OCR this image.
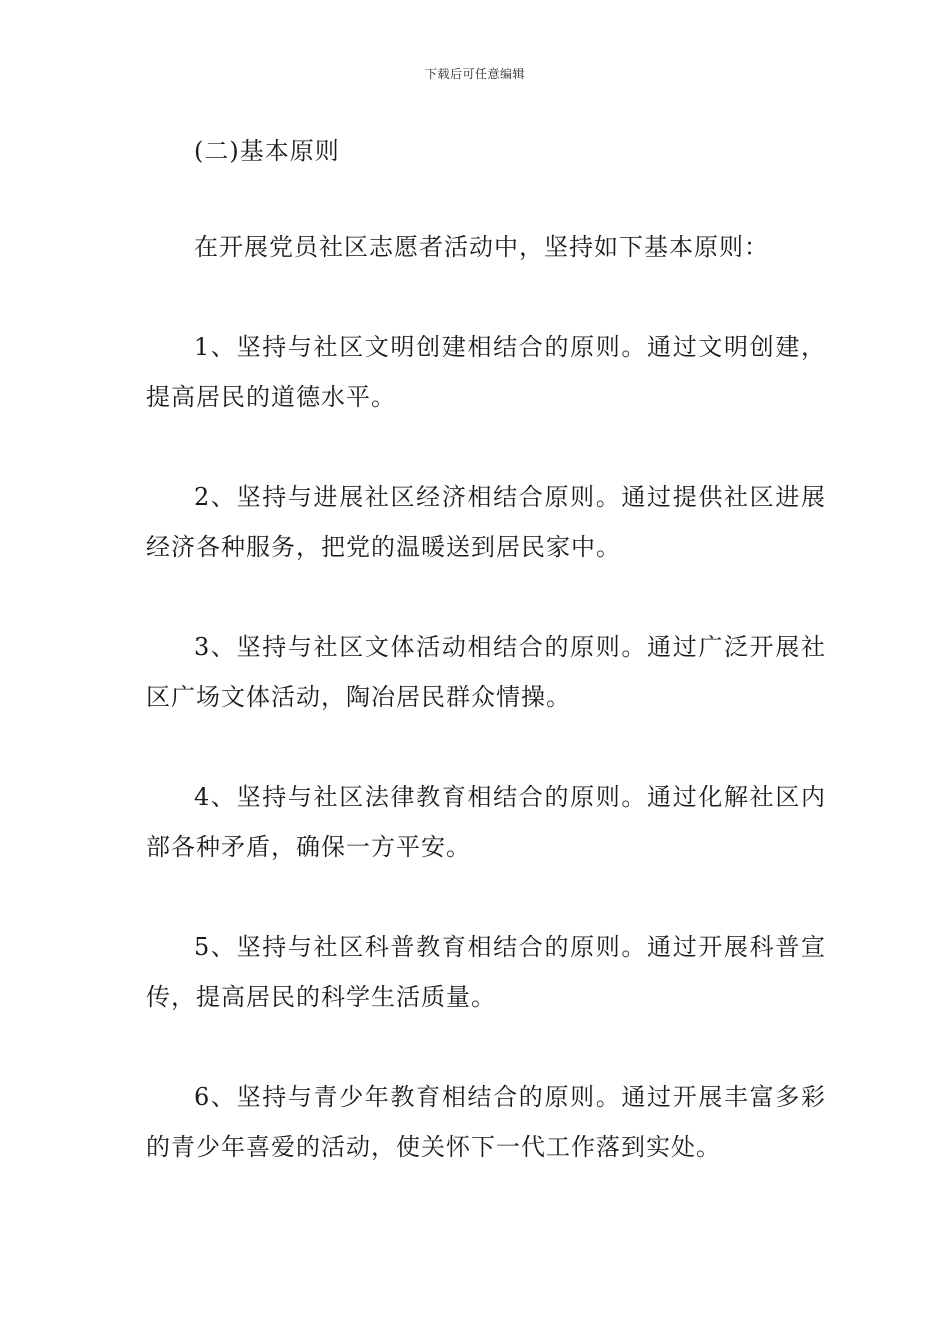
下载后可任意编辑

(二)基本原则

在开展党员社区志愿者活动中，坚持如下基本原则：

1、坚持与社区文明创建相结合的原则。通过文明创建，提高居民的道德水平。

2、坚持与进展社区经济相结合原则。通过提供社区进展经济各种服务，把党的温暖送到居民家中。

3、坚持与社区文体活动相结合的原则。通过广泛开展社区广场文体活动，陶冶居民群众情操。

4、坚持与社区法律教育相结合的原则。通过化解社区内部各种矛盾，确保一方平安。

5、坚持与社区科普教育相结合的原则。通过开展科普宣传，提高居民的科学生活质量。

6、坚持与青少年教育相结合的原则。通过开展丰富多彩的青少年喜爱的活动，使关怀下一代工作落到实处。
